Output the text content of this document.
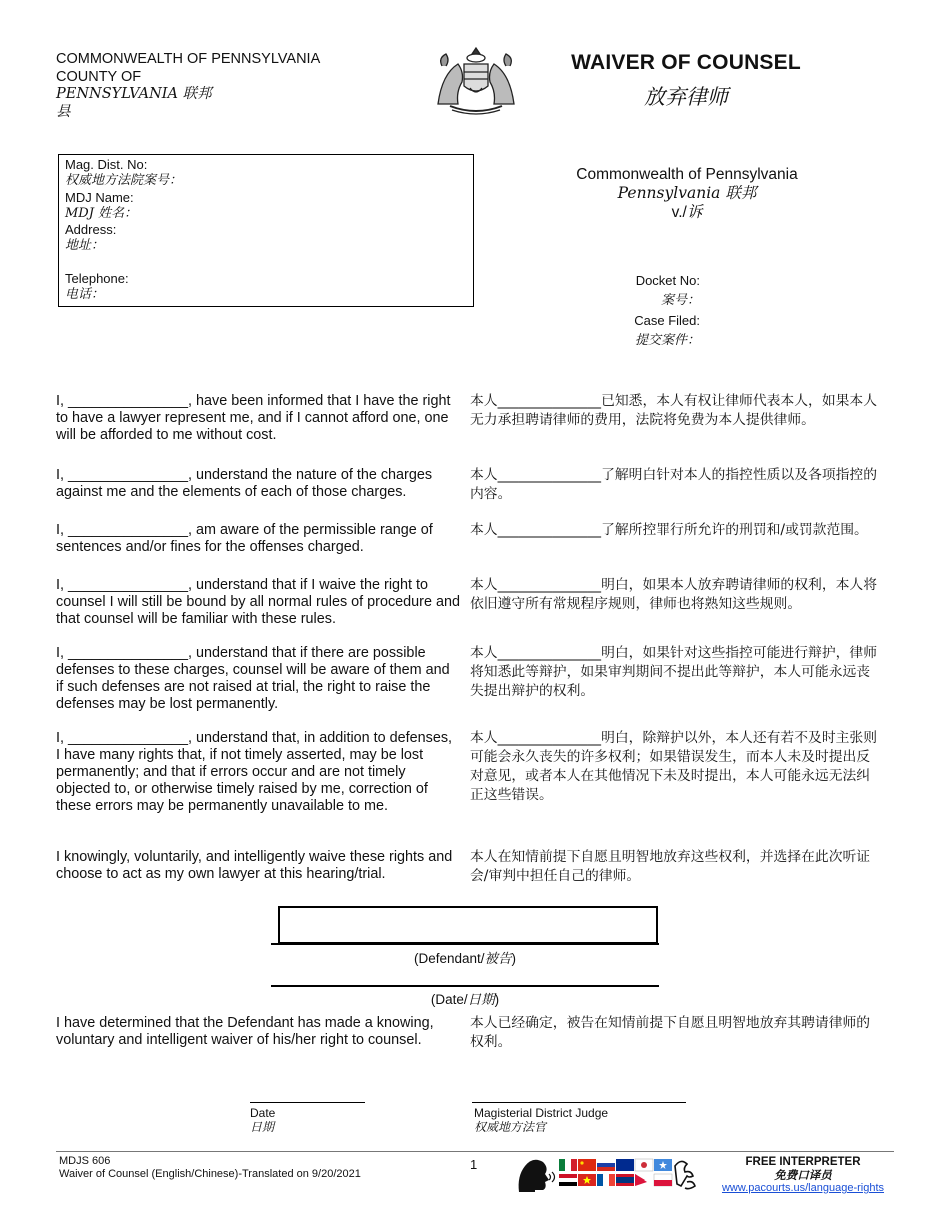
COMMONWEALTH OF PENNSYLVANIA
COUNTY OF
PENNSYLVANIA 联邦
县
WAIVER OF COUNSEL
放弃律师
Mag. Dist. No:
权威地方法院案号：
MDJ Name:
MDJ 姓名：
Address:
地址：
Telephone:
电话：
Commonwealth of Pennsylvania
Pennsylvania 联邦
v./诉
Docket No:
案号：
Case Filed:
提交案件：
I, _______________, have been informed that I have the right to have a lawyer represent me, and if I cannot afford one, one will be afforded to me without cost.
本人_______________已知悉，本人有权让律师代表本人，如果本人无力承担聘请律师的费用，法院将免费为本人提供律师。
I, _______________, understand the nature of the charges against me and the elements of each of those charges.
本人_______________了解明白针对本人的指控性质以及各项指控的内容。
I, _______________, am aware of the permissible range of sentences and/or fines for the offenses charged.
本人_______________了解所控罪行所允许的刑罚和/或罚款范围。
I, _______________, understand that if I waive the right to counsel I will still be bound by all normal rules of procedure and that counsel will be familiar with these rules.
本人_______________明白，如果本人放弃聘请律师的权利，本人将依旧遵守所有常规程序规则，律师也将熟知这些规则。
I, _______________, understand that if there are possible defenses to these charges, counsel will be aware of them and if such defenses are not raised at trial, the right to raise the defenses may be lost permanently.
本人_______________明白，如果针对这些指控可能进行辩护，律师将知悉此等辩护，如果审判期间不提出此等辩护，本人可能永远丧失提出辩护的权利。
I, _______________, understand that, in addition to defenses, I have many rights that, if not timely asserted, may be lost permanently; and that if errors occur and are not timely objected to, or otherwise timely raised by me, correction of these errors may be permanently unavailable to me.
本人_______________明白，除辩护以外，本人还有若不及时主张则可能会永久丧失的许多权利；如果错误发生，而本人未及时提出反对意见，或者本人在其他情况下未及时提出，本人可能永远无法纠正这些错误。
I knowingly, voluntarily, and intelligently waive these rights and choose to act as my own lawyer at this hearing/trial.
本人在知情前提下自愿且明智地放弃这些权利，并选择在此次听证会/审判中担任自己的律师。
(Defendant/被告)
(Date/日期)
I have determined that the Defendant has made a knowing, voluntary and intelligent waiver of his/her right to counsel.
本人已经确定，被告在知情前提下自愿且明智地放弃其聘请律师的权利。
Date
日期
Magisterial District Judge
权威地方法官
MDJS 606
Waiver of Counsel (English/Chinese)-Translated on 9/20/2021
1	FREE INTERPRETER
免费口译员
www.pacourts.us/language-rights
